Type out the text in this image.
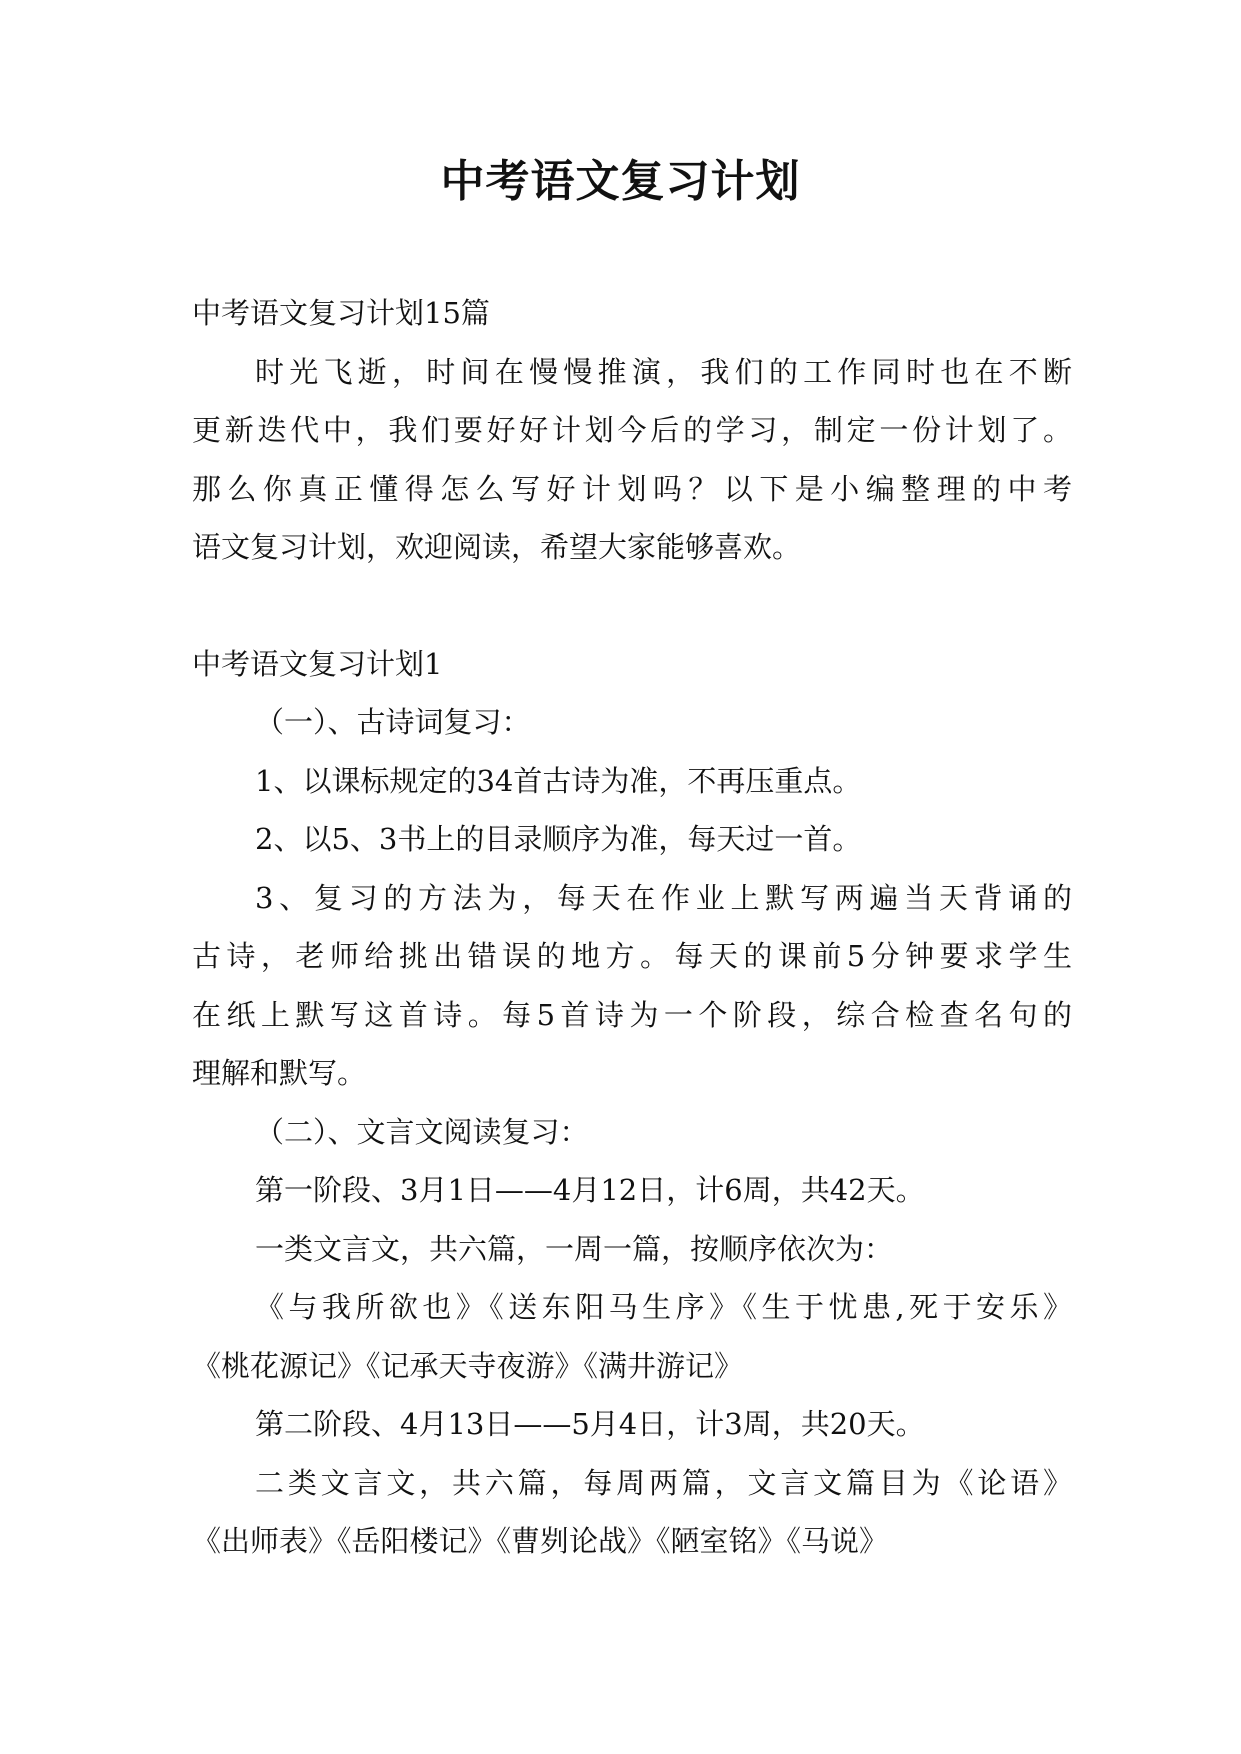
中考语文复习计划

中考语文复习计划15篇

时光飞逝，时间在慢慢推演，我们的工作同时也在不断

更新迭代中，我们要好好计划今后的学习，制定一份计划了。

那么你真正懂得怎么写好计划吗？以下是小编整理的中考

语文复习计划，欢迎阅读，希望大家能够喜欢。

中考语文复习计划1

（一）、古诗词复习：

1、以课标规定的34首古诗为准，不再压重点。

2、以5、3书上的目录顺序为准，每天过一首。

3、复习的方法为，每天在作业上默写两遍当天背诵的

古诗，老师给挑出错误的地方。每天的课前5分钟要求学生

在纸上默写这首诗。每5首诗为一个阶段，综合检查名句的

理解和默写。

（二）、文言文阅读复习：

第一阶段、3月1日——4月12日，计6周，共42天。

一类文言文，共六篇，一周一篇，按顺序依次为：

《与我所欲也》《送东阳马生序》《生于忧患,死于安乐》

《桃花源记》《记承天寺夜游》《满井游记》

第二阶段、4月13日——5月4日，计3周，共20天。

二类文言文，共六篇，每周两篇，文言文篇目为《论语》

《出师表》《岳阳楼记》《曹刿论战》《陋室铭》《马说》
